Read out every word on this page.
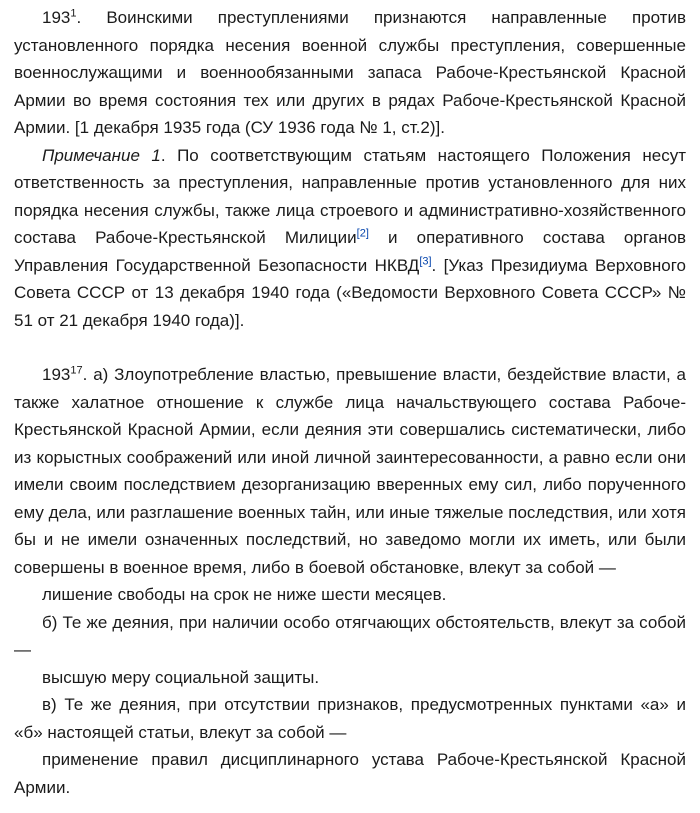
$193^1$. Воинскими преступлениями признаются направленные против установленного порядка несения военной службы преступления, совершенные военнослужащими и военнообязанными запаса Рабоче-Крестьянской Красной Армии во время состояния тех или других в рядах Рабоче-Крестьянской Красной Армии. [1 декабря 1935 года (СУ 1936 года № 1, ст.2)].

Примечание 1. По соответствующим статьям настоящего Положения несут ответственность за преступления, направленные против установленного для них порядка несения службы, также лица строевого и административно-хозяйственного состава Рабоче-Крестьянской Милиции[2] и оперативного состава органов Управления Государственной Безопасности НКВД[3]. [Указ Президиума Верховного Совета СССР от 13 декабря 1940 года («Ведомости Верховного Совета СССР» № 51 от 21 декабря 1940 года)].

$193^{17}$. а) Злоупотребление властью, превышение власти, бездействие власти, а также халатное отношение к службе лица начальствующего состава Рабоче-Крестьянской Красной Армии, если деяния эти совершались систематически, либо из корыстных соображений или иной личной заинтересованности, а равно если они имели своим последствием дезорганизацию вверенных ему сил, либо порученного ему дела, или разглашение военных тайн, или иные тяжелые последствия, или хотя бы и не имели означенных последствий, но заведомо могли их иметь, или были совершены в военное время, либо в боевой обстановке, влекут за собой —

лишение свободы на срок не ниже шести месяцев.

б) Те же деяния, при наличии особо отягчающих обстоятельств, влекут за собой —

высшую меру социальной защиты.

в) Те же деяния, при отсутствии признаков, предусмотренных пунктами «а» и «б» настоящей статьи, влекут за собой —

применение правил дисциплинарного устава Рабоче-Крестьянской Красной Армии.
